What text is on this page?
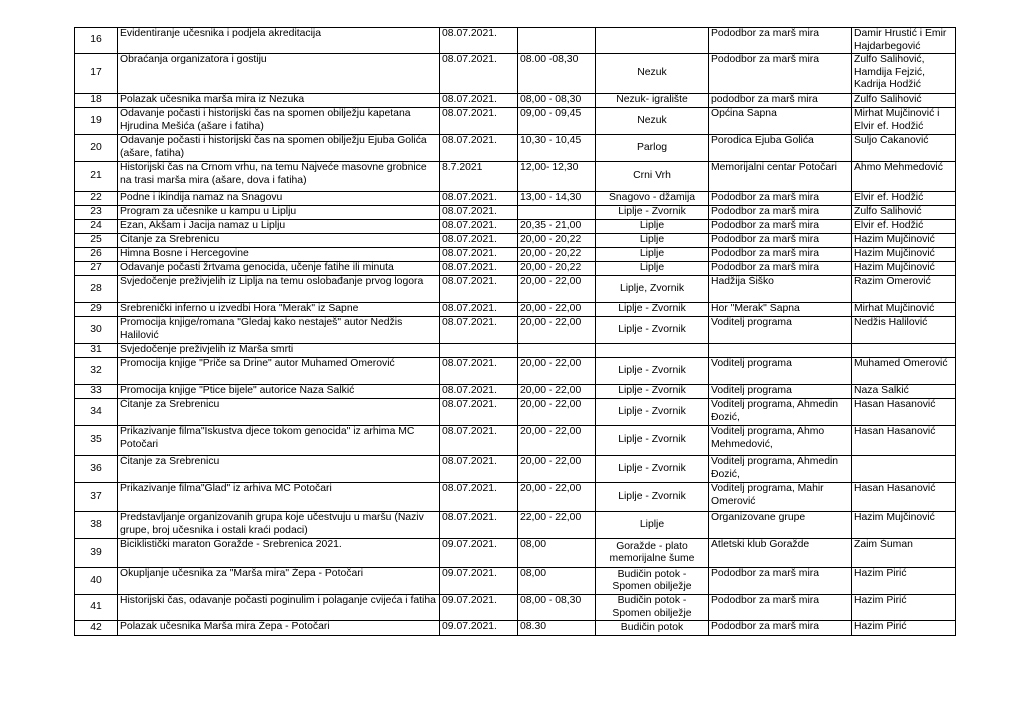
16	Evidentiranje učesnika i podjela akreditacija	08.07.2021.			Pododbor za marš mira	Damir Hrustić i Emir Hajdarbegović
17	Obraćanja organizatora i gostiju	08.07.2021.	08.00 -08,30	Nezuk	Pododbor za marš mira	Zulfo Salihović, Hamdija Fejzić, Kadrija Hodžić
18	Polazak učesnika marša mira iz Nezuka	08.07.2021.	08,00 - 08,30	Nezuk- igralište	pododbor za marš mira	Zulfo Salihović
19	Odavanje počasti i historijski čas na spomen obilježju kapetana Hjrudina Mešića (ašare i fatiha)	08.07.2021.	09,00 - 09,45	Nezuk	Općina Sapna	Mirhat Mujčinović i Elvir ef. Hodžić
20	Odavanje počasti i historijski čas na spomen obilježju Ejuba Golića (ašare, fatiha)	08.07.2021.	10,30 - 10,45	Parlog	Porodica Ejuba Golića	Suljo Čakanović
21	Historijski čas na Crnom vrhu, na temu Najveće masovne grobnice na trasi marša mira (ašare, dova i fatiha)	8.7.2021	12,00- 12,30	Crni Vrh	Memorijalni centar Potočari	Ahmo Mehmedović
22	Podne i ikindija namaz na Snagovu	08.07.2021.	13,00 - 14,30	Snagovo - džamija	Pododbor za marš mira	Elvir ef. Hodžić
23	Program za učesnike u kampu u Liplju	08.07.2021.		Liplje - Zvornik	Pododbor za marš mira	Zulfo Salihović
24	Ezan, Akšam i Jacija namaz u Liplju	08.07.2021.	20,35 - 21,00	Liplje	Pododbor za marš mira	Elvir ef. Hodžić
25	Čitanje za Srebrenicu	08.07.2021.	20,00 - 20,22	Liplje	Pododbor za marš mira	Hazim Mujčinović
26	Himna Bosne i Hercegovine	08.07.2021.	20,00 - 20,22	Liplje	Pododbor za marš mira	Hazim Mujčinović
27	Odavanje počasti žrtvama genocida, učenje fatihe ili minuta	08.07.2021.	20,00 - 20,22	Liplje	Pododbor za marš mira	Hazim Mujčinović
28	Svjedočenje preživjelih iz Liplja na temu oslobađanje prvog logora	08.07.2021.	20,00 - 22,00	Liplje, Zvornik	Hadžija Šiško	Razim Omerović
29	Srebrenički inferno u izvedbi Hora "Merak" iz Sapne	08.07.2021.	20,00 - 22,00	Liplje - Zvornik	Hor "Merak" Sapna	Mirhat Mujčinović
30	Promocija knjige/romana "Gledaj kako nestaješ" autor Nedžis Halilović	08.07.2021.	20,00 - 22,00	Liplje - Zvornik	Voditelj programa	Nedžis Halilović
31	Svjedočenje preživjelih iz Marša smrti					
32	Promocija knjige "Priče sa Drine" autor Muhamed Omerović	08.07.2021.	20,00 - 22,00	Liplje - Zvornik	Voditelj programa	Muhamed Omerović
33	Promocija knjige "Ptice bijele" autorice Naza Salkić	08.07.2021.	20,00 - 22,00	Liplje - Zvornik	Voditelj programa	Naza Salkić
34	Čitanje za Srebrenicu	08.07.2021.	20,00 - 22,00	Liplje - Zvornik	Voditelj programa, Ahmedin Đozić,	Hasan Hasanović
35	Prikazivanje filma"Iskustva djece tokom genocida" iz arhima MC Potočari	08.07.2021.	20,00 - 22,00	Liplje - Zvornik	Voditelj programa, Ahmo Mehmedović,	Hasan Hasanović
36	Čitanje za Srebrenicu	08.07.2021.	20,00 - 22,00	Liplje - Zvornik	Voditelj programa, Ahmedin Đozić,	
37	Prikazivanje filma"Glad" iz arhiva MC Potočari	08.07.2021.	20,00 - 22,00	Liplje - Zvornik	Voditelj programa, Mahir Omerović	Hasan Hasanović
38	Predstavljanje organizovanih grupa koje učestvuju u maršu (Naziv grupe, broj učesnika i ostali kraći podaci)	08.07.2021.	22,00 - 22,00	Liplje	Organizovane grupe	Hazim Mujčinović
39	Biciklistički maraton Goražde - Srebrenica 2021.	09.07.2021.	08,00	Goražde - plato memorijalne šume	Atletski klub Goražde	Zaim Šuman
40	Okupljanje učesnika za "Marša mira" Žepa - Potočari	09.07.2021.	08,00	Budičin potok - Spomen obilježje	Pododbor za marš mira	Hazim Pirić
41	Historijski čas, odavanje počasti poginulim i polaganje cvijeća i fatiha	09.07.2021.	08,00 - 08,30	Budičin potok - Spomen obilježje	Pododbor za marš mira	Hazim Pirić
42	Polazak učesnika Marša mira Žepa - Potočari	09.07.2021.	08.30	Budičin potok	Pododbor za marš mira	Hazim Pirić
